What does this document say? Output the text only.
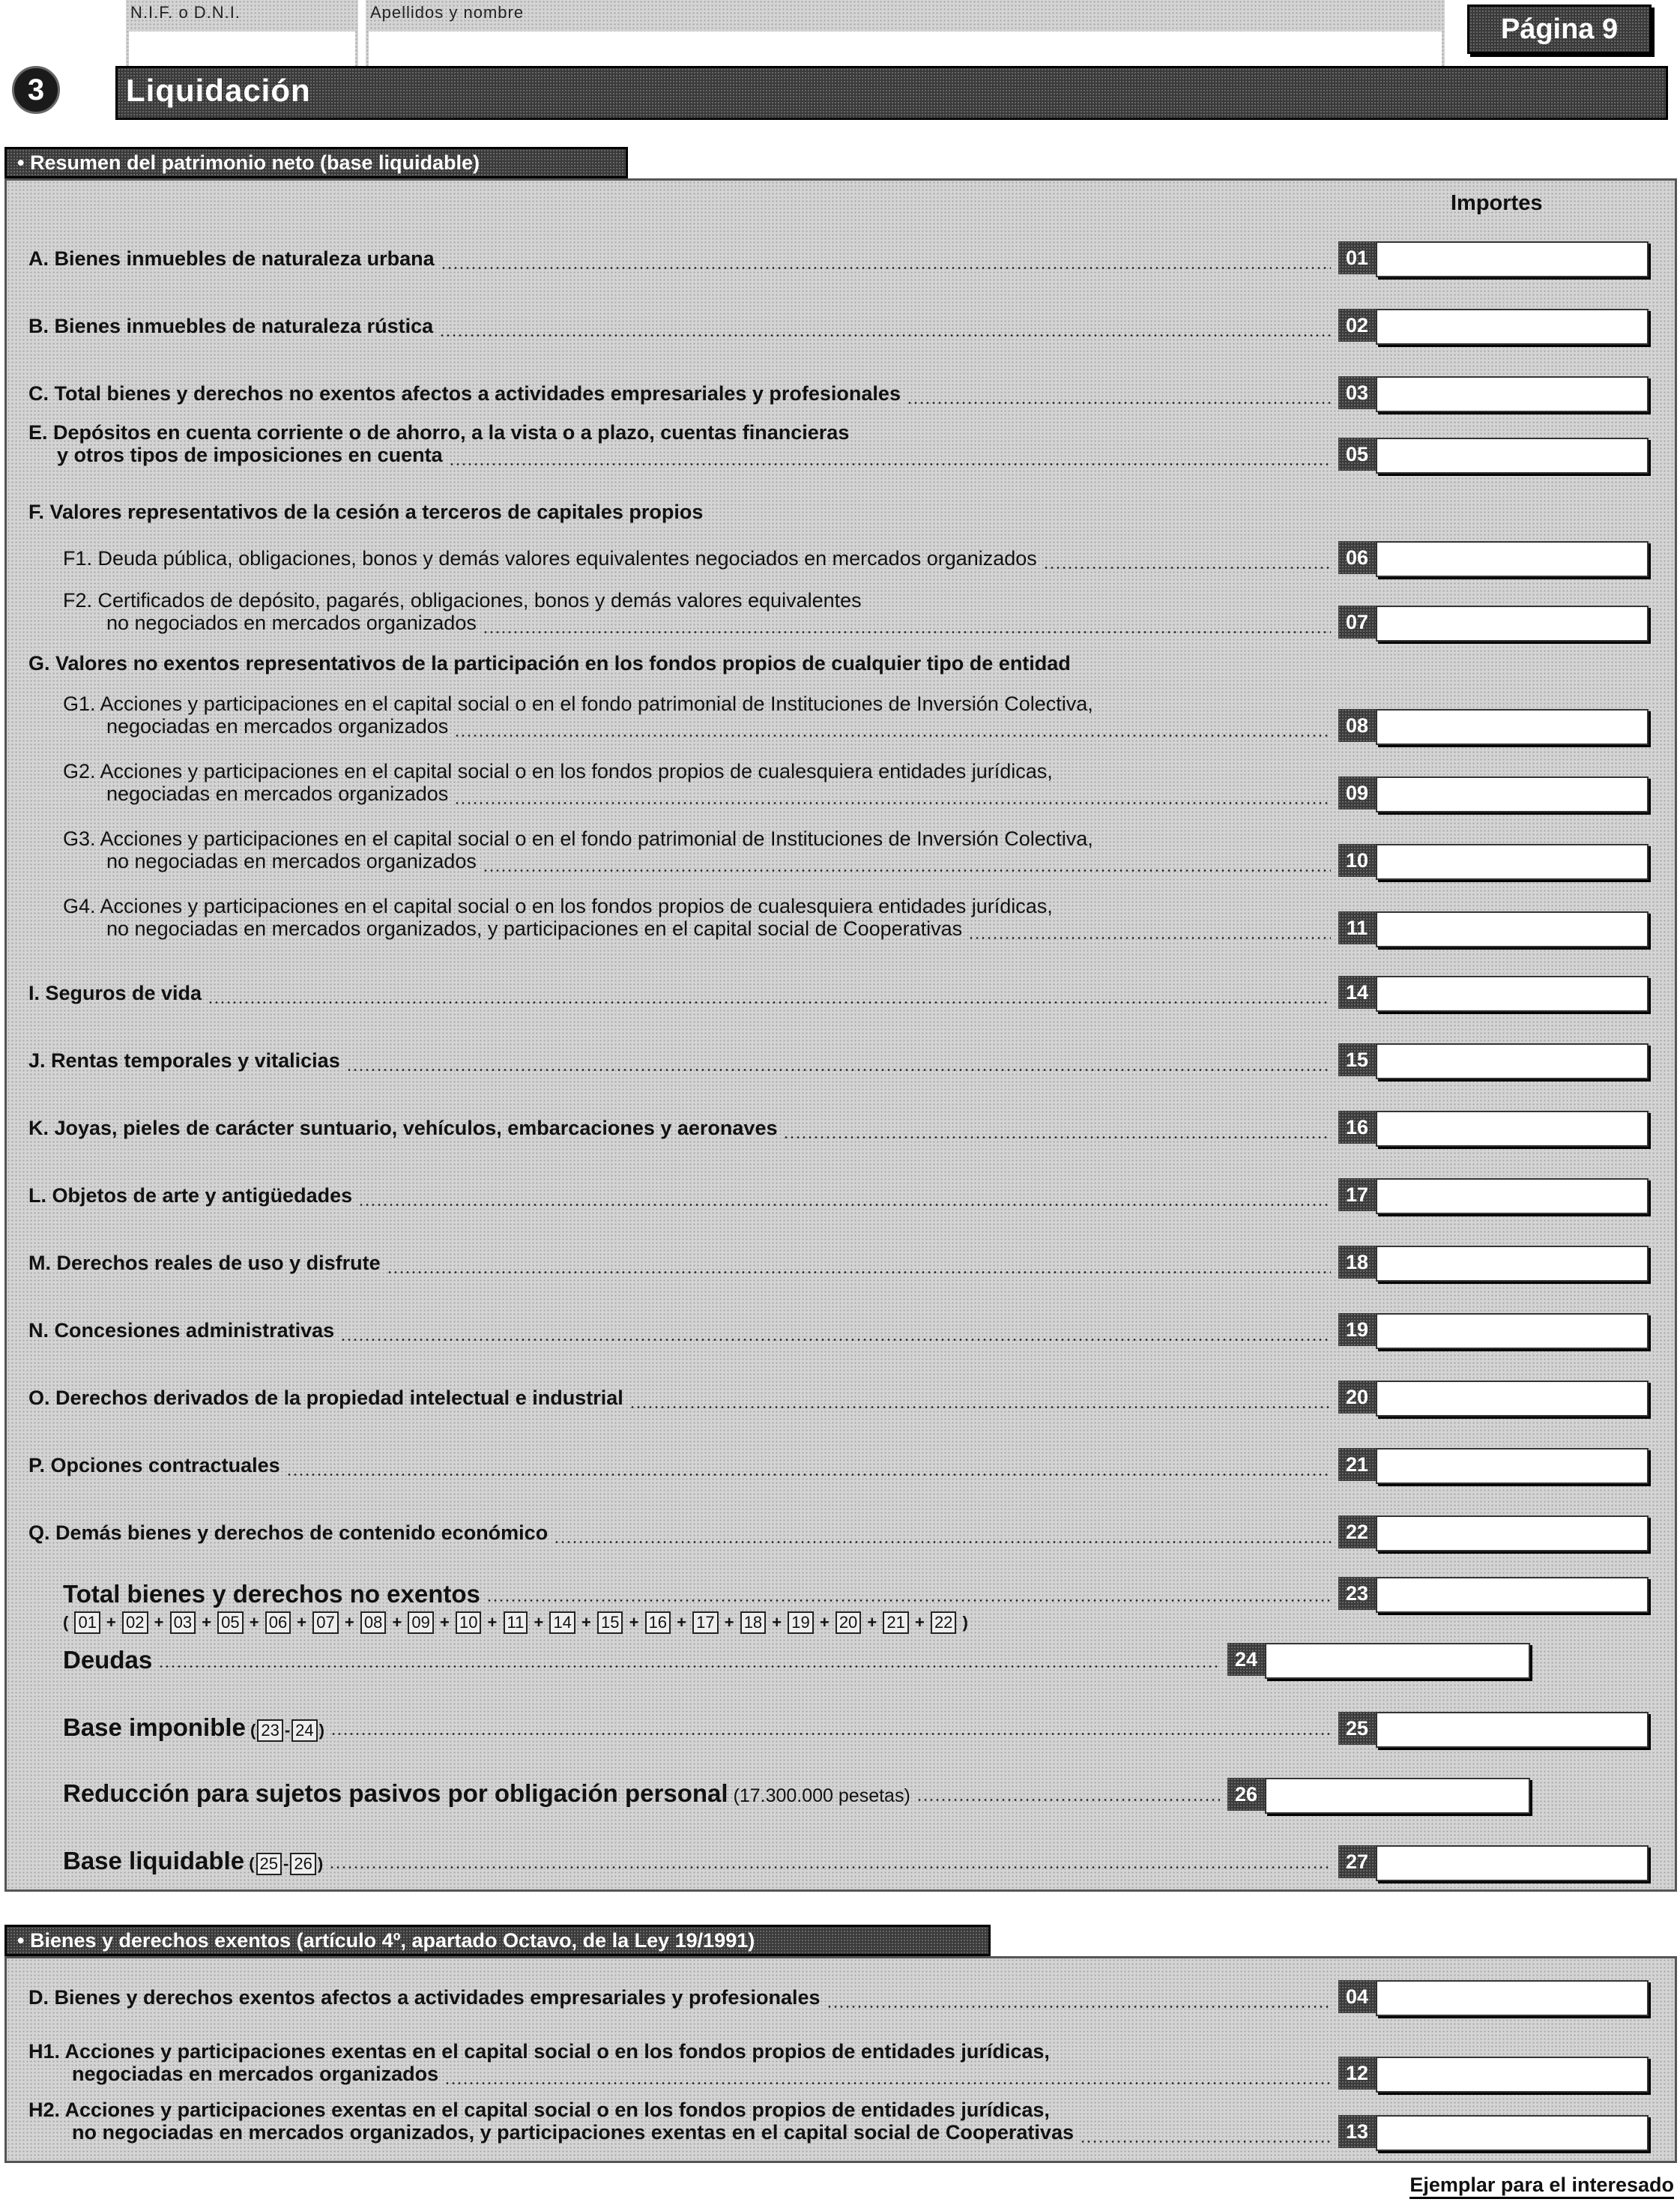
N.I.F. o D.N.I.	Apellidos y nombre
Página 9
3	Liquidación
• Resumen del patrimonio neto (base liquidable)
Importes
• Bienes y derechos exentos (artículo 4º, apartado Octavo, de la Ley 19/1991)
A. Bienes inmuebles de naturaleza urbana	01
B. Bienes inmuebles de naturaleza rústica	02
C. Total bienes y derechos no exentos afectos a actividades empresariales y profesionales	03
E. Depósitos en cuenta corriente o de ahorro, a la vista o a plazo, cuentas financieras
y otros tipos de imposiciones en cuenta	05
F. Valores representativos de la cesión a terceros de capitales propios
F1. Deuda pública, obligaciones, bonos y demás valores equivalentes negociados en mercados organizados	06
F2. Certificados de depósito, pagarés, obligaciones, bonos y demás valores equivalentes
no negociados en mercados organizados	07
G. Valores no exentos representativos de la participación en los fondos propios de cualquier tipo de entidad
G1. Acciones y participaciones en el capital social o en el fondo patrimonial de Instituciones de Inversión Colectiva,
negociadas en mercados organizados	08
G2. Acciones y participaciones en el capital social o en los fondos propios de cualesquiera entidades jurídicas,
negociadas en mercados organizados	09
G3. Acciones y participaciones en el capital social o en el fondo patrimonial de Instituciones de Inversión Colectiva,
no negociadas en mercados organizados	10
G4. Acciones y participaciones en el capital social o en los fondos propios de cualesquiera entidades jurídicas,
no negociadas en mercados organizados, y participaciones en el capital social de Cooperativas	11
I. Seguros de vida	14
J. Rentas temporales y vitalicias	15
K. Joyas, pieles de carácter suntuario, vehículos, embarcaciones y aeronaves	16
L. Objetos de arte y antigüedades	17
M. Derechos reales de uso y disfrute	18
N. Concesiones administrativas	19
O. Derechos derivados de la propiedad intelectual e industrial	20
P. Opciones contractuales	21
Q. Demás bienes y derechos de contenido económico	22
Total bienes y derechos no exentos	23
( 01 + 02 + 03 + 05 + 06 + 07 + 08 + 09 + 10 + 11 + 14 + 15 + 16 + 17 + 18 + 19 + 20 + 21 + 22 )
Deudas	24
Base imponible ( 23 - 24 )	25
Reducción para sujetos pasivos por obligación personal (17.300.000 pesetas)	26
Base liquidable ( 25 - 26 )	27
D. Bienes y derechos exentos afectos a actividades empresariales y profesionales	04
H1. Acciones y participaciones exentas en el capital social o en los fondos propios de entidades jurídicas,
negociadas en mercados organizados	12
H2. Acciones y participaciones exentas en el capital social o en los fondos propios de entidades jurídicas,
no negociadas en mercados organizados, y participaciones exentas en el capital social de Cooperativas	13
Ejemplar para el interesado
